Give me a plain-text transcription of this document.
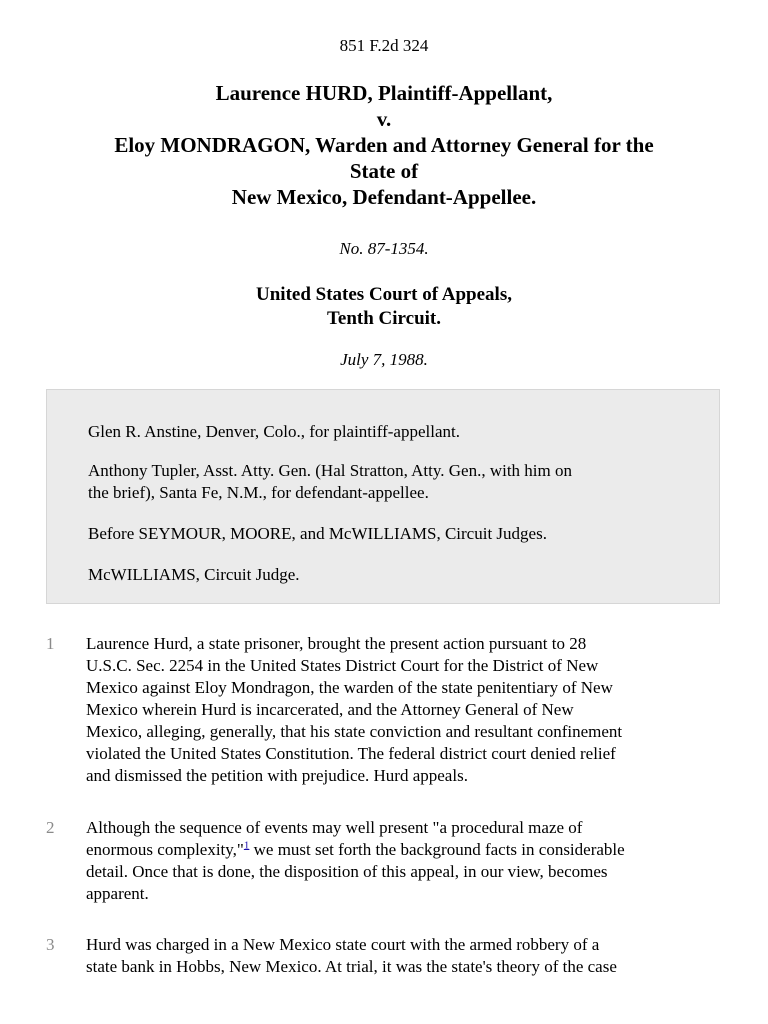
851 F.2d 324
Laurence HURD, Plaintiff-Appellant,
v.
Eloy MONDRAGON, Warden and Attorney General for the
State of
New Mexico, Defendant-Appellee.
No. 87-1354.
United States Court of Appeals,
Tenth Circuit.
July 7, 1988.
Glen R. Anstine, Denver, Colo., for plaintiff-appellant.
Anthony Tupler, Asst. Atty. Gen. (Hal Stratton, Atty. Gen., with him on
the brief), Santa Fe, N.M., for defendant-appellee.
Before SEYMOUR, MOORE, and McWILLIAMS, Circuit Judges.
McWILLIAMS, Circuit Judge.
1 Laurence Hurd, a state prisoner, brought the present action pursuant to 28
U.S.C. Sec. 2254 in the United States District Court for the District of New
Mexico against Eloy Mondragon, the warden of the state penitentiary of New
Mexico wherein Hurd is incarcerated, and the Attorney General of New
Mexico, alleging, generally, that his state conviction and resultant confinement
violated the United States Constitution. The federal district court denied relief
and dismissed the petition with prejudice. Hurd appeals.
2 Although the sequence of events may well present "a procedural maze of
enormous complexity,"$^1$ we must set forth the background facts in considerable
detail. Once that is done, the disposition of this appeal, in our view, becomes
apparent.
3 Hurd was charged in a New Mexico state court with the armed robbery of a
state bank in Hobbs, New Mexico. At trial, it was the state's theory of the case
